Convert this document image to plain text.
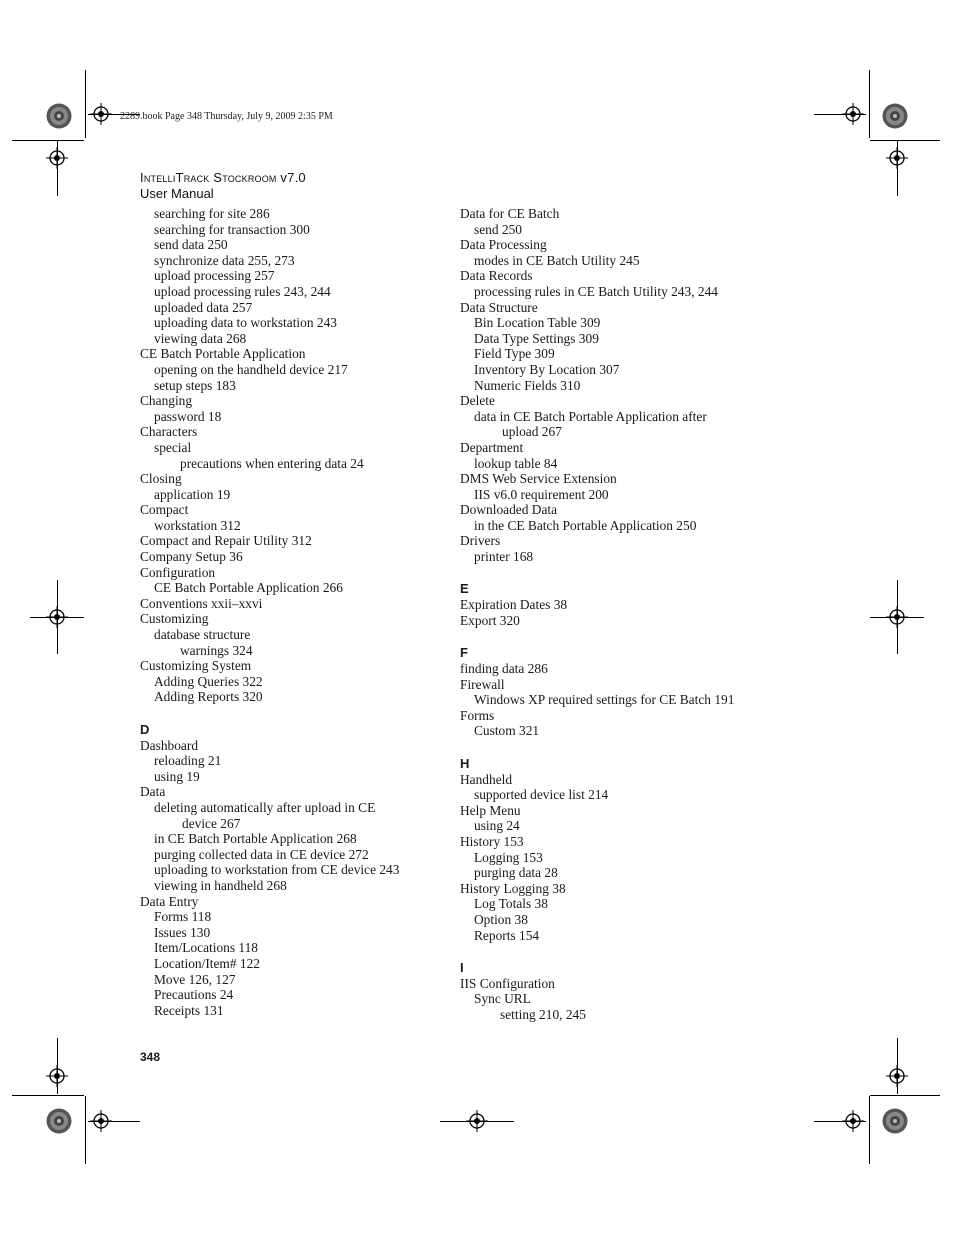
2289.book Page 348 Thursday, July 9, 2009 2:35 PM
IntelliTrack Stockroom v7.0
User Manual
searching for site 286
searching for transaction 300
send data 250
synchronize data 255, 273
upload processing 257
upload processing rules 243, 244
uploaded data 257
uploading data to workstation 243
viewing data 268
CE Batch Portable Application
opening on the handheld device 217
setup steps 183
Changing
password 18
Characters
special
precautions when entering data 24
Closing
application 19
Compact
workstation 312
Compact and Repair Utility 312
Company Setup 36
Configuration
CE Batch Portable Application 266
Conventions xxii–xxvi
Customizing
database structure
warnings 324
Customizing System
Adding Queries 322
Adding Reports 320
D
Dashboard
reloading 21
using 19
Data
deleting automatically after upload in CE
device 267
in CE Batch Portable Application 268
purging collected data in CE device 272
uploading to workstation from CE device 243
viewing in handheld 268
Data Entry
Forms 118
Issues 130
Item/Locations 118
Location/Item# 122
Move 126, 127
Precautions 24
Receipts 131
Data for CE Batch
send 250
Data Processing
modes in CE Batch Utility 245
Data Records
processing rules in CE Batch Utility 243, 244
Data Structure
Bin Location Table 309
Data Type Settings 309
Field Type 309
Inventory By Location 307
Numeric Fields 310
Delete
data in CE Batch Portable Application after
upload 267
Department
lookup table 84
DMS Web Service Extension
IIS v6.0 requirement 200
Downloaded Data
in the CE Batch Portable Application 250
Drivers
printer 168
E
Expiration Dates 38
Export 320
F
finding data 286
Firewall
Windows XP required settings for CE Batch 191
Forms
Custom 321
H
Handheld
supported device list 214
Help Menu
using 24
History 153
Logging 153
purging data 28
History Logging 38
Log Totals 38
Option 38
Reports 154
I
IIS Configuration
Sync URL
setting 210, 245
348
